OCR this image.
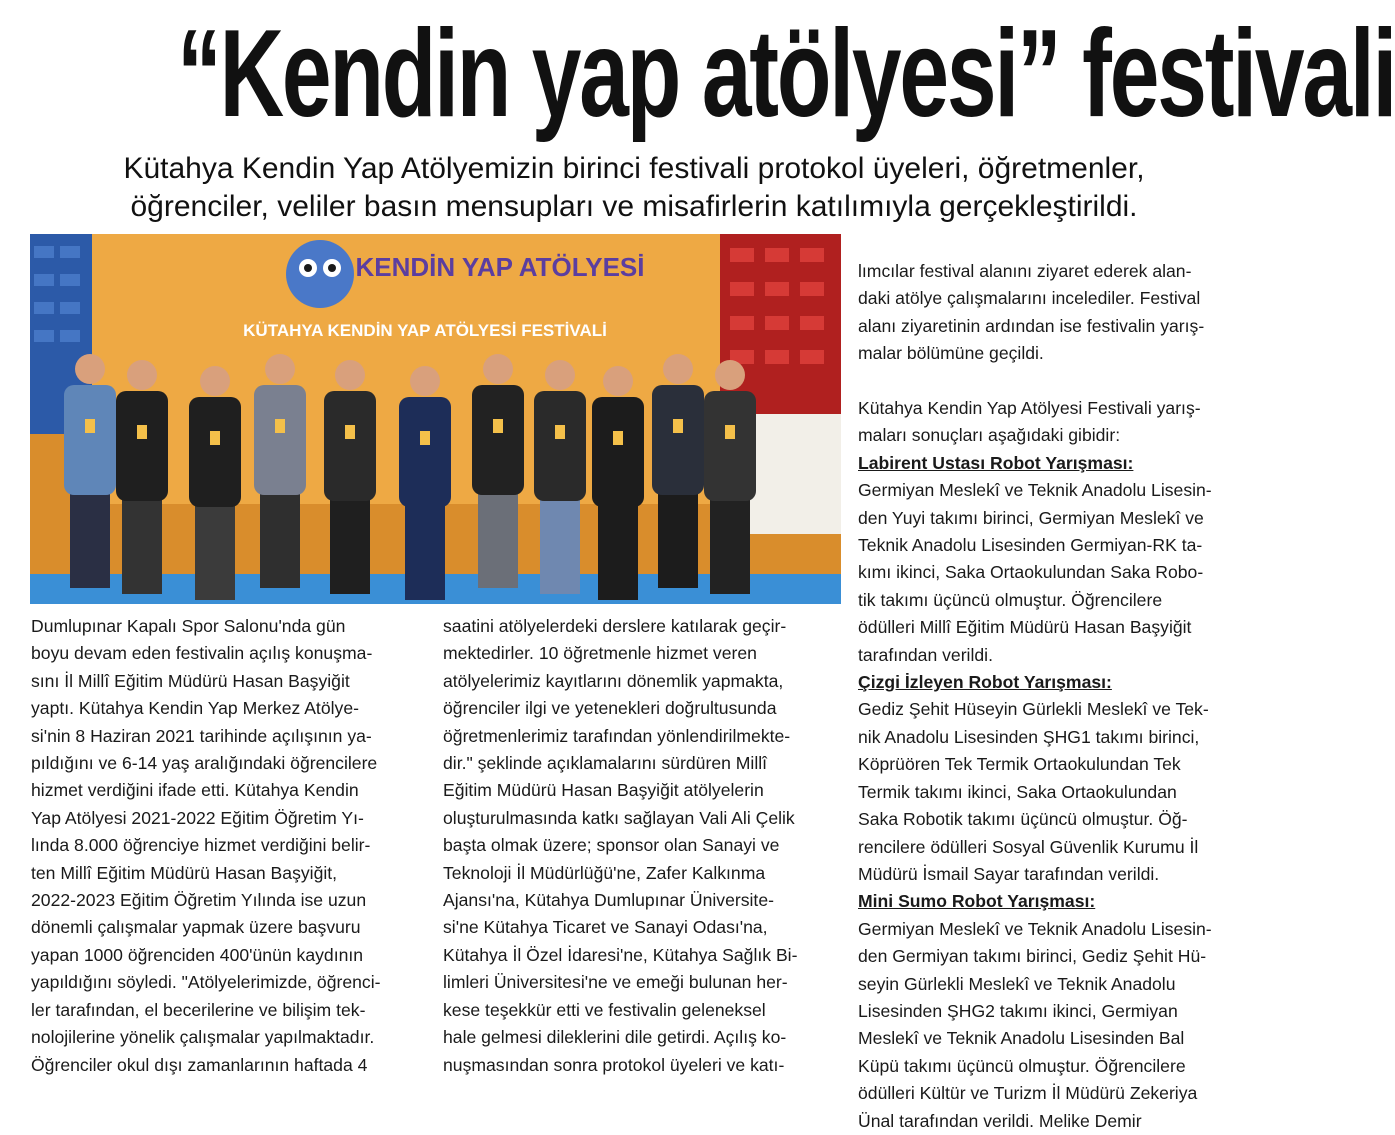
“Kendin yap atölyesi” festivali
Kütahya Kendin Yap Atölyemizin birinci festivali protokol üyeleri, öğretmenler,
öğrenciler, veliler basın mensupları ve misafirlerin katılımıyla gerçekleştirildi.
KENDİN YAP ATÖLYESİ
KÜTAHYA KENDİN YAP ATÖLYESİ FESTİVALİ
Dumlupınar Kapalı Spor Salonu'nda gün
boyu devam eden festivalin açılış konuşma-
sını İl Millî Eğitim Müdürü Hasan Başyiğit
yaptı. Kütahya Kendin Yap Merkez Atölye-
si'nin 8 Haziran 2021 tarihinde açılışının ya-
pıldığını ve 6-14 yaş aralığındaki öğrencilere
hizmet verdiğini ifade etti. Kütahya Kendin
Yap Atölyesi 2021-2022 Eğitim Öğretim Yı-
lında 8.000 öğrenciye hizmet verdiğini belir-
ten Millî Eğitim Müdürü Hasan Başyiğit,
2022-2023 Eğitim Öğretim Yılında ise uzun
dönemli çalışmalar yapmak üzere başvuru
yapan 1000 öğrenciden 400'ünün kaydının
yapıldığını söyledi. "Atölyelerimizde, öğrenci-
ler tarafından, el becerilerine ve bilişim tek-
nolojilerine yönelik çalışmalar yapılmaktadır.
Öğrenciler okul dışı zamanlarının haftada 4
saatini atölyelerdeki derslere katılarak geçir-
mektedirler. 10 öğretmenle hizmet veren
atölyelerimiz kayıtlarını dönemlik yapmakta,
öğrenciler ilgi ve yetenekleri doğrultusunda
öğretmenlerimiz tarafından yönlendirilmekte-
dir." şeklinde açıklamalarını sürdüren Millî
Eğitim Müdürü Hasan Başyiğit atölyelerin
oluşturulmasında katkı sağlayan Vali Ali Çelik
başta olmak üzere; sponsor olan Sanayi ve
Teknoloji İl Müdürlüğü'ne, Zafer Kalkınma
Ajansı'na, Kütahya Dumlupınar Üniversite-
si'ne Kütahya Ticaret ve Sanayi Odası'na,
Kütahya İl Özel İdaresi'ne, Kütahya Sağlık Bi-
limleri Üniversitesi'ne ve emeği bulunan her-
kese teşekkür etti ve festivalin geleneksel
hale gelmesi dileklerini dile getirdi. Açılış ko-
nuşmasından sonra protokol üyeleri ve katı-
lımcılar festival alanını ziyaret ederek alan-
daki atölye çalışmalarını incelediler. Festival
alanı ziyaretinin ardından ise festivalin yarış-
malar bölümüne geçildi.
Kütahya Kendin Yap Atölyesi Festivali yarış-
maları sonuçları aşağıdaki gibidir:
Labirent Ustası Robot Yarışması:
Germiyan Meslekî ve Teknik Anadolu Lisesin-
den Yuyi takımı birinci, Germiyan Meslekî ve
Teknik Anadolu Lisesinden Germiyan-RK ta-
kımı ikinci, Saka Ortaokulundan Saka Robo-
tik takımı üçüncü olmuştur. Öğrencilere
ödülleri Millî Eğitim Müdürü Hasan Başyiğit
tarafından verildi.
Çizgi İzleyen Robot Yarışması:
Gediz Şehit Hüseyin Gürlekli Meslekî ve Tek-
nik Anadolu Lisesinden ŞHG1 takımı birinci,
Köprüören Tek Termik Ortaokulundan Tek
Termik takımı ikinci, Saka Ortaokulundan
Saka Robotik takımı üçüncü olmuştur. Öğ-
rencilere ödülleri Sosyal Güvenlik Kurumu İl
Müdürü İsmail Sayar tarafından verildi.
Mini Sumo Robot Yarışması:
Germiyan Meslekî ve Teknik Anadolu Lisesin-
den Germiyan takımı birinci, Gediz Şehit Hü-
seyin Gürlekli Meslekî ve Teknik Anadolu
Lisesinden ŞHG2 takımı ikinci, Germiyan
Meslekî ve Teknik Anadolu Lisesinden Bal
Küpü takımı üçüncü olmuştur. Öğrencilere
ödülleri Kültür ve Turizm İl Müdürü Zekeriya
Ünal tarafından verildi. Melike Demir
